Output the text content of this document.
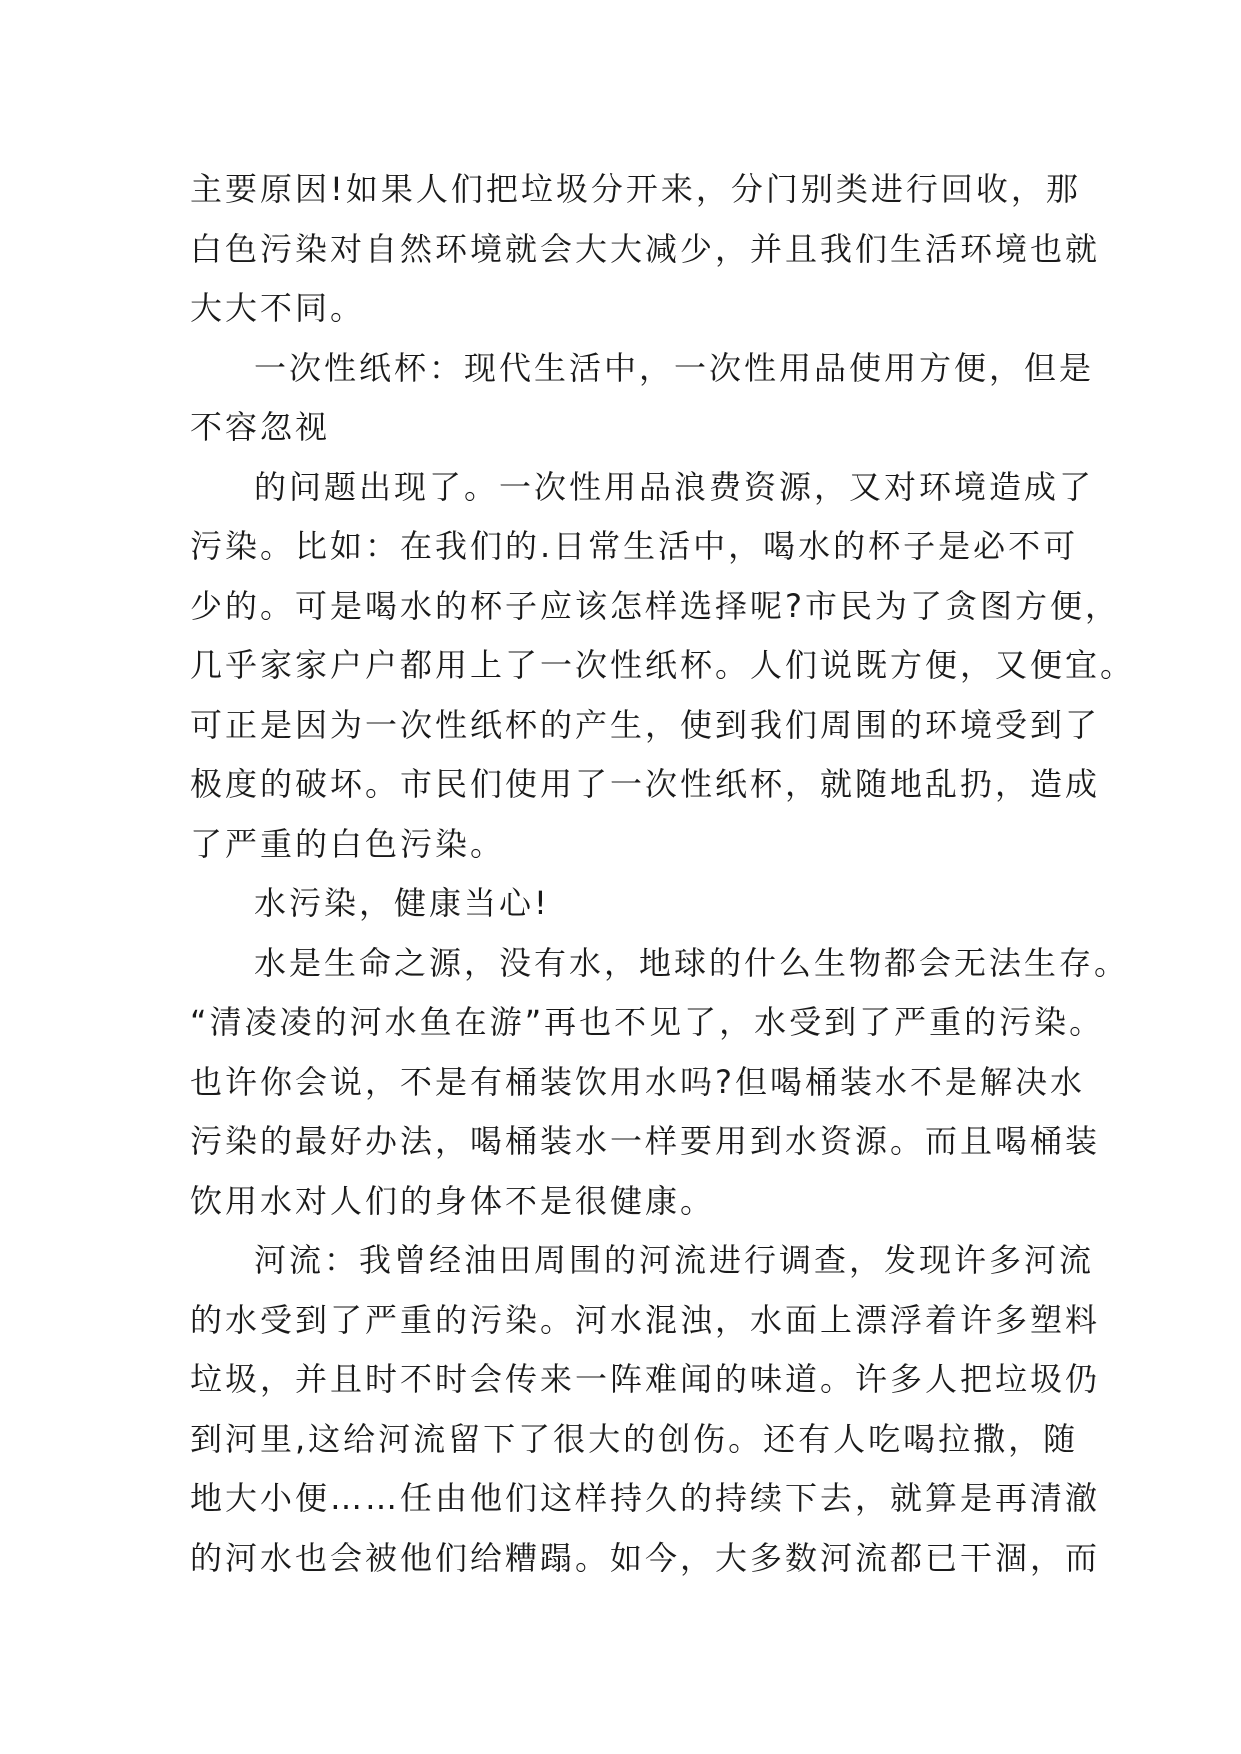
主要原因!如果人们把垃圾分开来，分门别类进行回收，那
白色污染对自然环境就会大大减少，并且我们生活环境也就
大大不同。
一次性纸杯：现代生活中，一次性用品使用方便，但是
不容忽视
的问题出现了。一次性用品浪费资源，又对环境造成了
污染。比如：在我们的.日常生活中，喝水的杯子是必不可
少的。可是喝水的杯子应该怎样选择呢?市民为了贪图方便，
几乎家家户户都用上了一次性纸杯。人们说既方便，又便宜。
可正是因为一次性纸杯的产生，使到我们周围的环境受到了
极度的破坏。市民们使用了一次性纸杯，就随地乱扔，造成
了严重的白色污染。
水污染，健康当心!
水是生命之源，没有水，地球的什么生物都会无法生存。
“清凌凌的河水鱼在游”再也不见了，水受到了严重的污染。
也许你会说，不是有桶装饮用水吗?但喝桶装水不是解决水
污染的最好办法，喝桶装水一样要用到水资源。而且喝桶装
饮用水对人们的身体不是很健康。
河流：我曾经油田周围的河流进行调查，发现许多河流
的水受到了严重的污染。河水混浊，水面上漂浮着许多塑料
垃圾，并且时不时会传来一阵难闻的味道。许多人把垃圾仍
到河里,这给河流留下了很大的创伤。还有人吃喝拉撒，随
地大小便……任由他们这样持久的持续下去，就算是再清澈
的河水也会被他们给糟蹋。如今，大多数河流都已干涸，而
